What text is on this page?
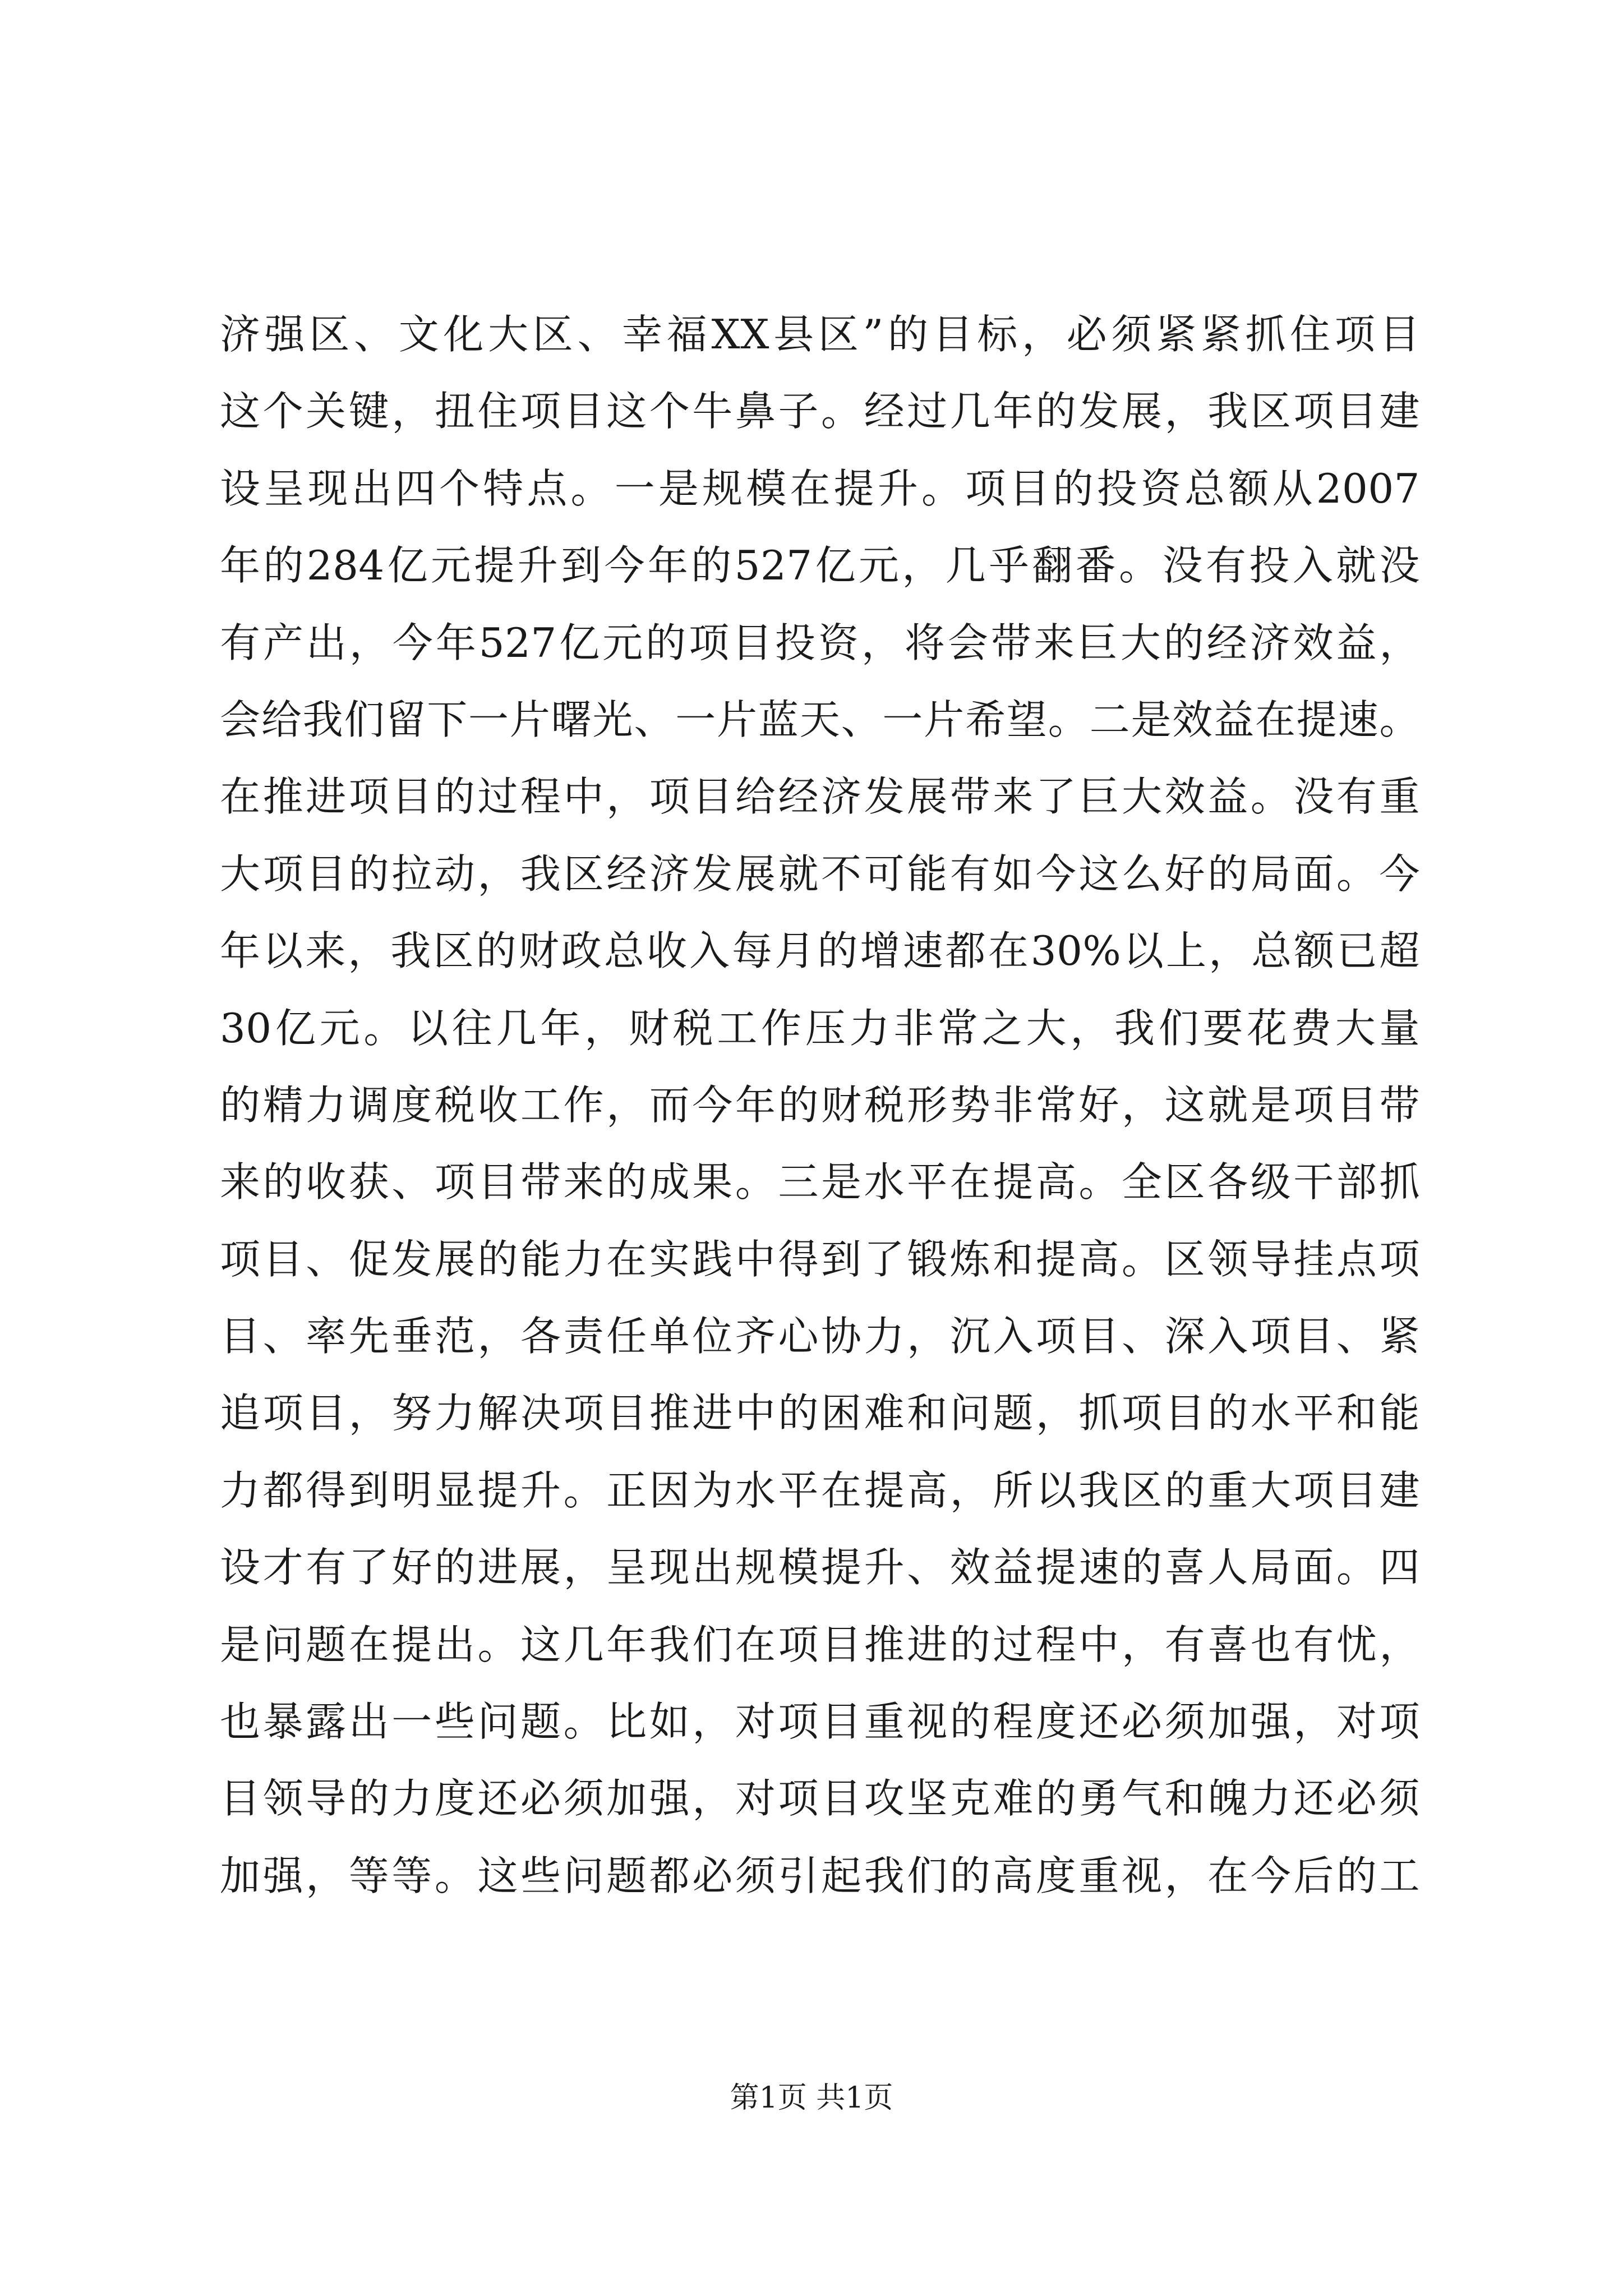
济强区、文化大区、幸福XX县区”的目标，必须紧紧抓住项目
这个关键，扭住项目这个牛鼻子。经过几年的发展，我区项目建
设呈现出四个特点。一是规模在提升。项目的投资总额从2007
年的284亿元提升到今年的527亿元，几乎翻番。没有投入就没
有产出，今年527亿元的项目投资，将会带来巨大的经济效益，
会给我们留下一片曙光、一片蓝天、一片希望。二是效益在提速。
在推进项目的过程中，项目给经济发展带来了巨大效益。没有重
大项目的拉动，我区经济发展就不可能有如今这么好的局面。今
年以来，我区的财政总收入每月的增速都在30%以上，总额已超
30亿元。以往几年，财税工作压力非常之大，我们要花费大量
的精力调度税收工作，而今年的财税形势非常好，这就是项目带
来的收获、项目带来的成果。三是水平在提高。全区各级干部抓
项目、促发展的能力在实践中得到了锻炼和提高。区领导挂点项
目、率先垂范，各责任单位齐心协力，沉入项目、深入项目、紧
追项目，努力解决项目推进中的困难和问题，抓项目的水平和能
力都得到明显提升。正因为水平在提高，所以我区的重大项目建
设才有了好的进展，呈现出规模提升、效益提速的喜人局面。四
是问题在提出。这几年我们在项目推进的过程中，有喜也有忧，
也暴露出一些问题。比如，对项目重视的程度还必须加强，对项
目领导的力度还必须加强，对项目攻坚克难的勇气和魄力还必须
加强，等等。这些问题都必须引起我们的高度重视，在今后的工
第1页 共1页
